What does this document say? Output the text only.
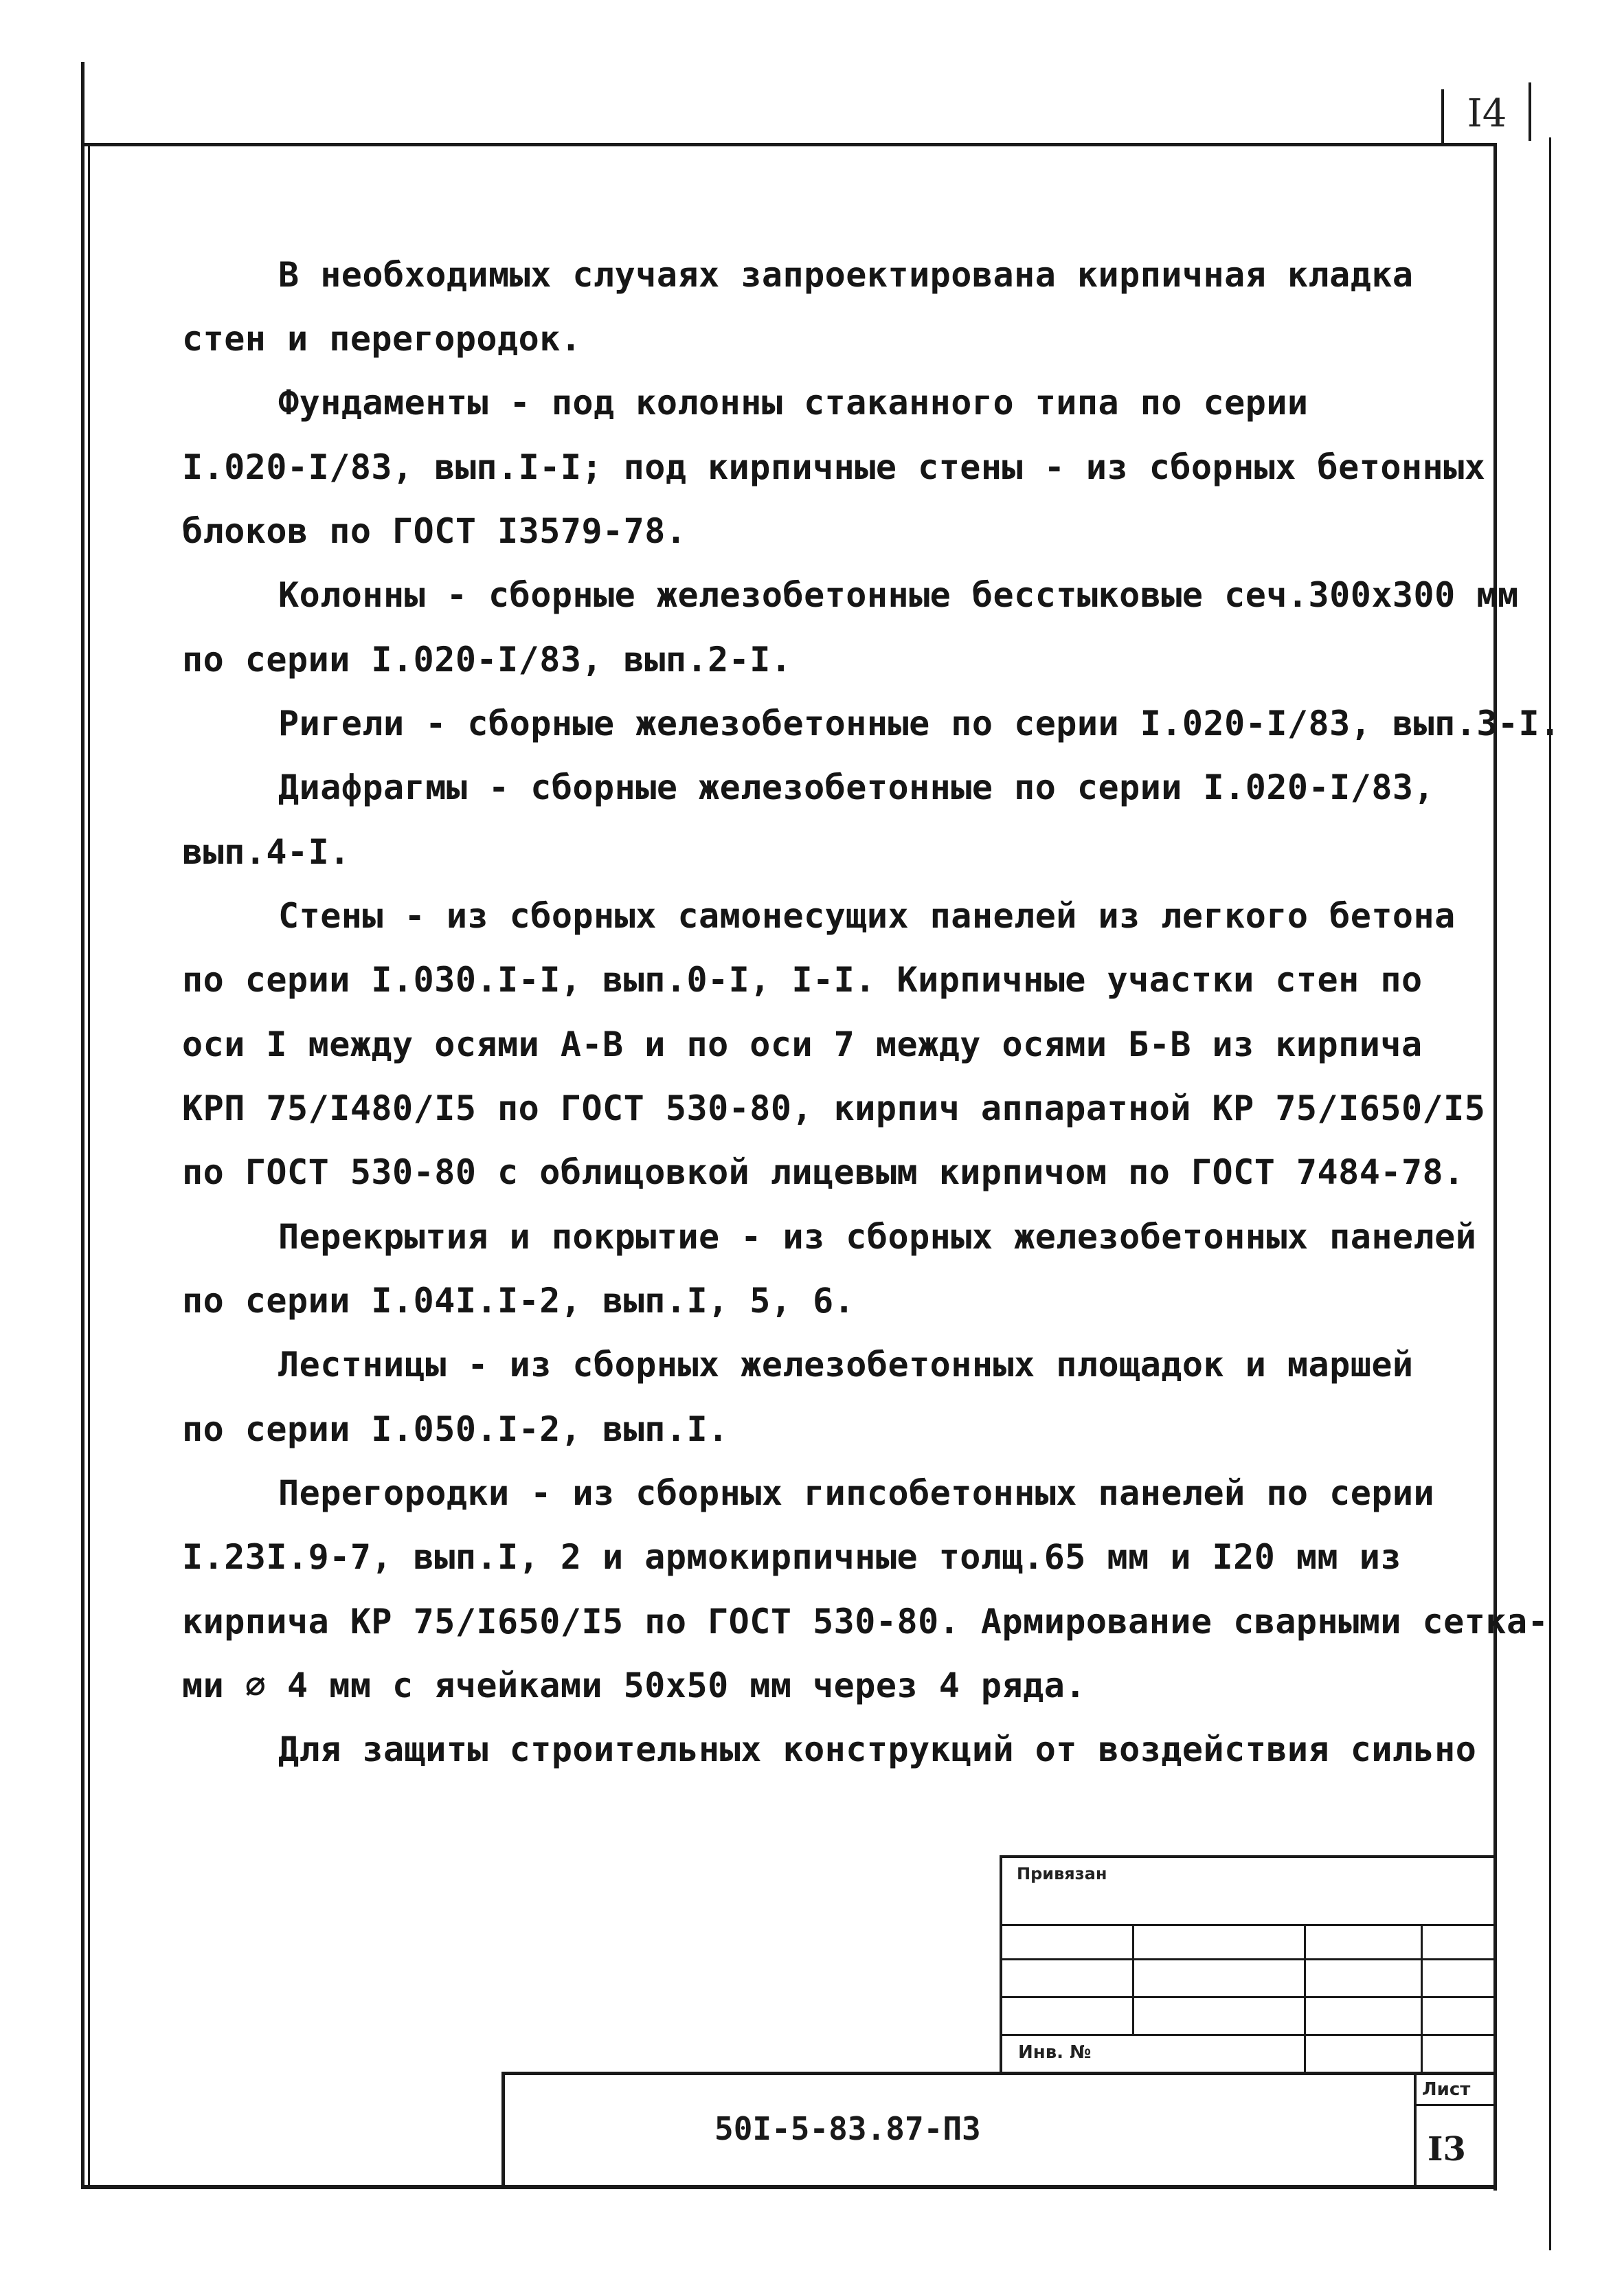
I4
В необходимых случаях запроектирована кирпичная кладка
стен и перегородок.
Фундаменты - под колонны стаканного типа по серии
I.020-I/83, вып.I-I; под кирпичные стены - из сборных бетонных
блоков по ГОСТ I3579-78.
Колонны - сборные железобетонные бесстыковые сеч.300х300 мм
по серии I.020-I/83, вып.2-I.
Ригели - сборные железобетонные по серии I.020-I/83, вып.3-I.
Диафрагмы - сборные железобетонные по серии I.020-I/83,
вып.4-I.
Стены - из сборных самонесущих панелей из легкого бетона
по серии I.030.I-I, вып.0-I, I-I. Кирпичные участки стен по
оси I между осями А-В и по оси 7 между осями Б-В из кирпича
КРП 75/I480/I5 по ГОСТ 530-80, кирпич аппаратной КР 75/I650/I5
по ГОСТ 530-80 с облицовкой лицевым кирпичом по ГОСТ 7484-78.
Перекрытия и покрытие - из сборных железобетонных панелей
по серии I.04I.I-2, вып.I, 5, 6.
Лестницы - из сборных железобетонных площадок и маршей
по серии I.050.I-2, вып.I.
Перегородки - из сборных гипсобетонных панелей по серии
I.23I.9-7, вып.I, 2 и армокирпичные толщ.65 мм и I20 мм из
кирпича КР 75/I650/I5 по ГОСТ 530-80. Армирование сварными сетка-
ми ∅ 4 мм с ячейками 50х50 мм через 4 ряда.
Для защиты строительных конструкций от воздействия сильно
Привязан
Инв. №
50I-5-83.87-ПЗ
Лист
I3
